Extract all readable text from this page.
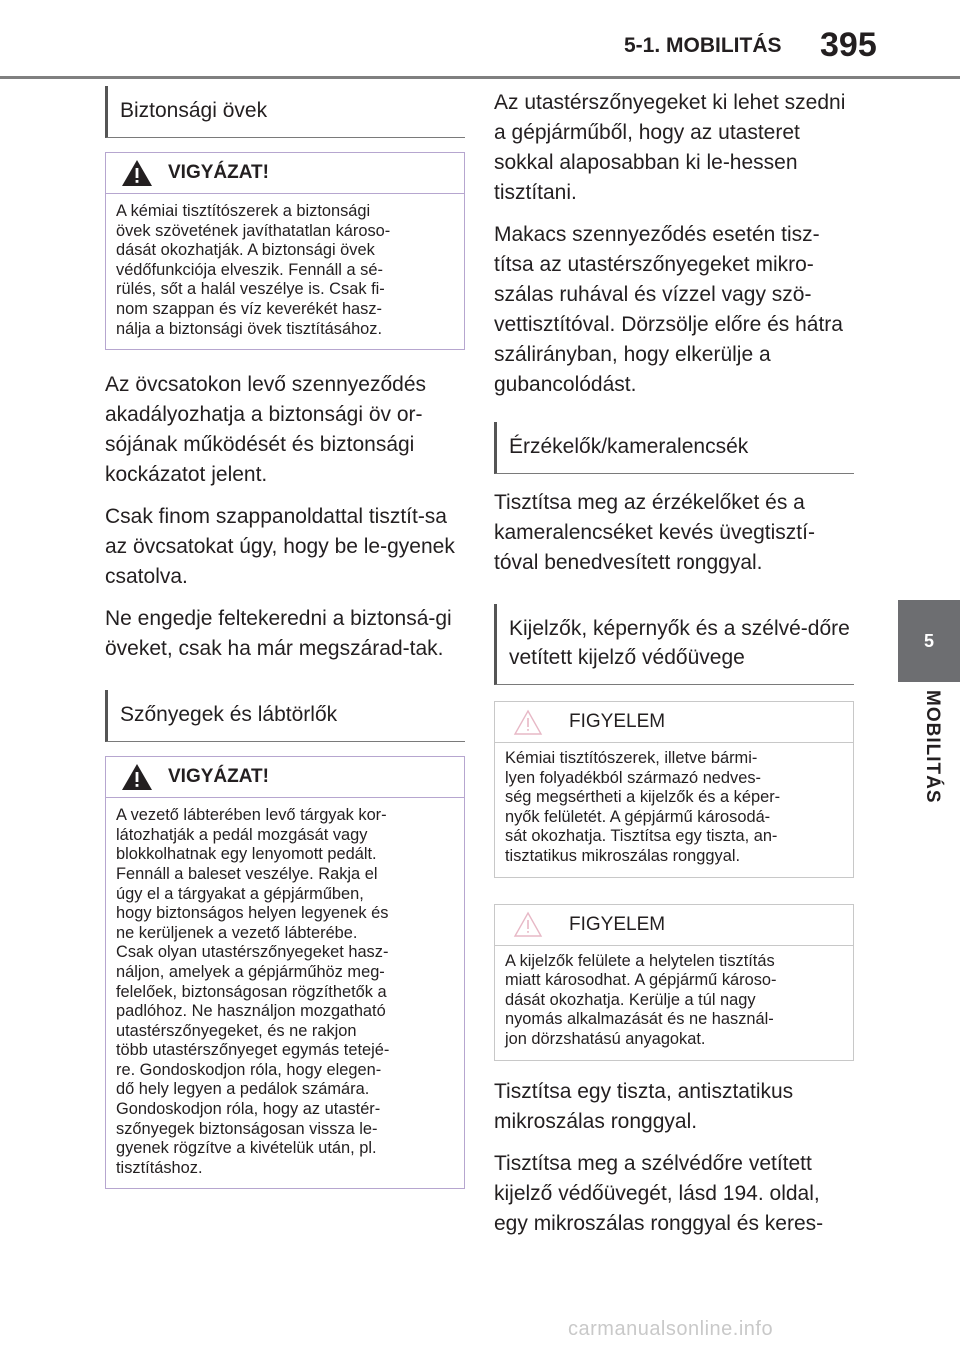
5-1. MOBILITÁS 395
5
MOBILITÁS
Biztonsági övek
VIGYÁZAT!
A kémiai tisztítószerek a biztonsági
övek szövetének javíthatatlan károso-
dását okozhatják. A biztonsági övek
védőfunkciója elveszik. Fennáll a sé-
rülés, sőt a halál veszélye is. Csak fi-
nom szappan és víz keverékét hasz-
nálja a biztonsági övek tisztításához.

Az övcsatokon levő szennyeződés akadályozhatja a biztonsági öv or-sójának működését és biztonsági kockázatot jelent.

Csak finom szappanoldattal tisztít-sa az övcsatokat úgy, hogy be le-gyenek csatolva.

Ne engedje feltekeredni a biztonsá-gi öveket, csak ha már megszárad-tak.

Szőnyegek és lábtörlők
VIGYÁZAT!
A vezető lábterében levő tárgyak kor-
látozhatják a pedál mozgását vagy
blokkolhatnak egy lenyomott pedált.
Fennáll a baleset veszélye. Rakja el
úgy el a tárgyakat a gépjárműben,
hogy biztonságos helyen legyenek és
ne kerüljenek a vezető lábterébe.
Csak olyan utastérszőnyegeket hasz-
náljon, amelyek a gépjárműhöz meg-
felelőek, biztonságosan rögzíthetők a
padlóhoz. Ne használjon mozgatható
utastérszőnyegeket, és ne rakjon
több utastérszőnyeget egymás tetejé-
re. Gondoskodjon róla, hogy elegen-
dő hely legyen a pedálok számára.
Gondoskodjon róla, hogy az utastér-
szőnyegek biztonságosan vissza le-
gyenek rögzítve a kivételük után, pl.
tisztításhoz.

Az utastérszőnyegeket ki lehet szedni a gépjárműből, hogy az utasteret sokkal alaposabban ki le-hessen tisztítani.

Makacs szennyeződés esetén tisz-títsa az utastérszőnyegeket mikro-szálas ruhával és vízzel vagy szö-vettisztítóval. Dörzsölje előre és hátra szálirányban, hogy elkerülje a gubancolódást.

Érzékelők/kameralencsék

Tisztítsa meg az érzékelőket és a kameralencséket kevés üvegtisztí-tóval benedvesített ronggyal.

Kijelzők, képernyők és a szélvé-dőre vetített kijelző védőüvege
FIGYELEM
Kémiai tisztítószerek, illetve bármi-
lyen folyadékból származó nedves-
ség megsértheti a kijelzők és a képer-
nyők felületét. A gépjármű károsodá-
sát okozhatja. Tisztítsa egy tiszta, an-
tisztatikus mikroszálas ronggyal.
FIGYELEM
A kijelzők felülete a helytelen tisztítás
miatt károsodhat. A gépjármű károso-
dását okozhatja. Kerülje a túl nagy
nyomás alkalmazását és ne használ-
jon dörzshatású anyagokat.

Tisztítsa egy tiszta, antisztatikus mikroszálas ronggyal.

Tisztítsa meg a szélvédőre vetített kijelző védőüvegét, lásd 194. oldal, egy mikroszálas ronggyal és keres-

carmanualsonline.info
